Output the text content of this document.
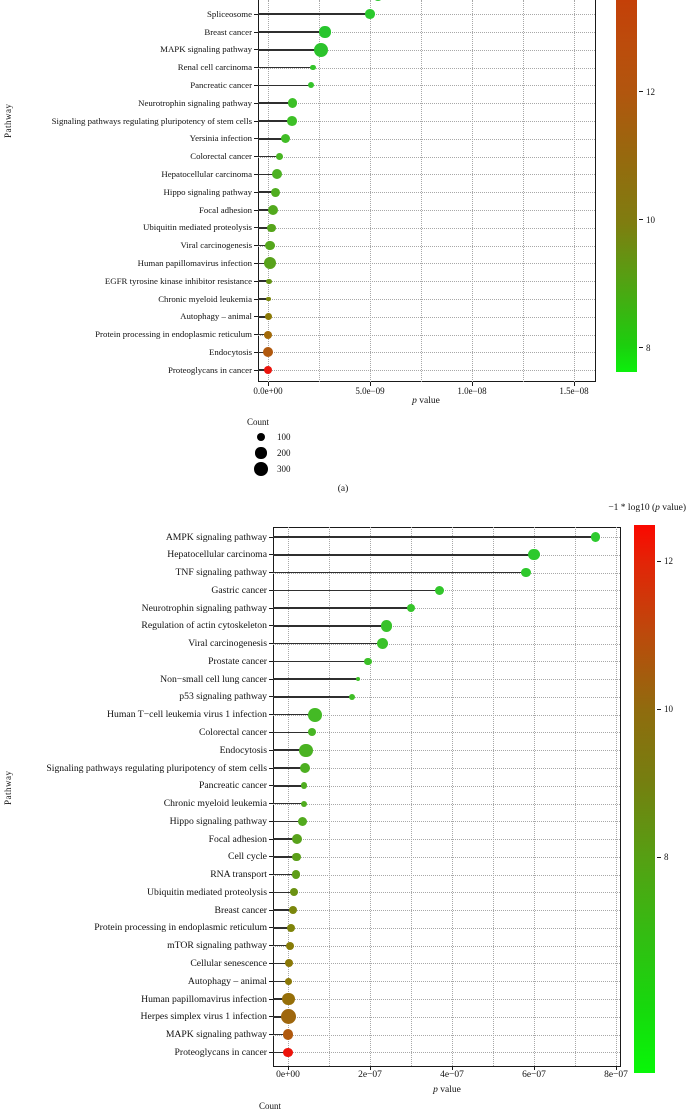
Pathway
Spliceosome
Breast cancer
MAPK signaling pathway
Renal cell carcinoma
Pancreatic cancer
Neurotrophin signaling pathway
Signaling pathways regulating pluripotency of stem cells
Yersinia infection
Colorectal cancer
Hepatocellular carcinoma
Hippo signaling pathway
Focal adhesion
Ubiquitin mediated proteolysis
Viral carcinogenesis
Human papillomavirus infection
EGFR tyrosine kinase inhibitor resistance
Chronic myeloid leukemia
Autophagy – animal
Protein processing in endoplasmic reticulum
Endocytosis
Proteoglycans in cancer
0.0e+00	5.0e−09	1.0e−08	1.5e−08
p value
12
10
8
Count
100
200
300
(a)
−1 * log10 (p value)
Pathway
AMPK signaling pathway
Hepatocellular carcinoma
TNF signaling pathway
Gastric cancer
Neurotrophin signaling pathway
Regulation of actin cytoskeleton
Viral carcinogenesis
Prostate cancer
Non−small cell lung cancer
p53 signaling pathway
Human T−cell leukemia virus 1 infection
Colorectal cancer
Endocytosis
Signaling pathways regulating pluripotency of stem cells
Pancreatic cancer
Chronic myeloid leukemia
Hippo signaling pathway
Focal adhesion
Cell cycle
RNA transport
Ubiquitin mediated proteolysis
Breast cancer
Protein processing in endoplasmic reticulum
mTOR signaling pathway
Cellular senescence
Autophagy – animal
Human papillomavirus infection
Herpes simplex virus 1 infection
MAPK signaling pathway
Proteoglycans in cancer
0e+00	2e−07	4e−07	6e−07	8e−07
p value
12
10
8
Count
